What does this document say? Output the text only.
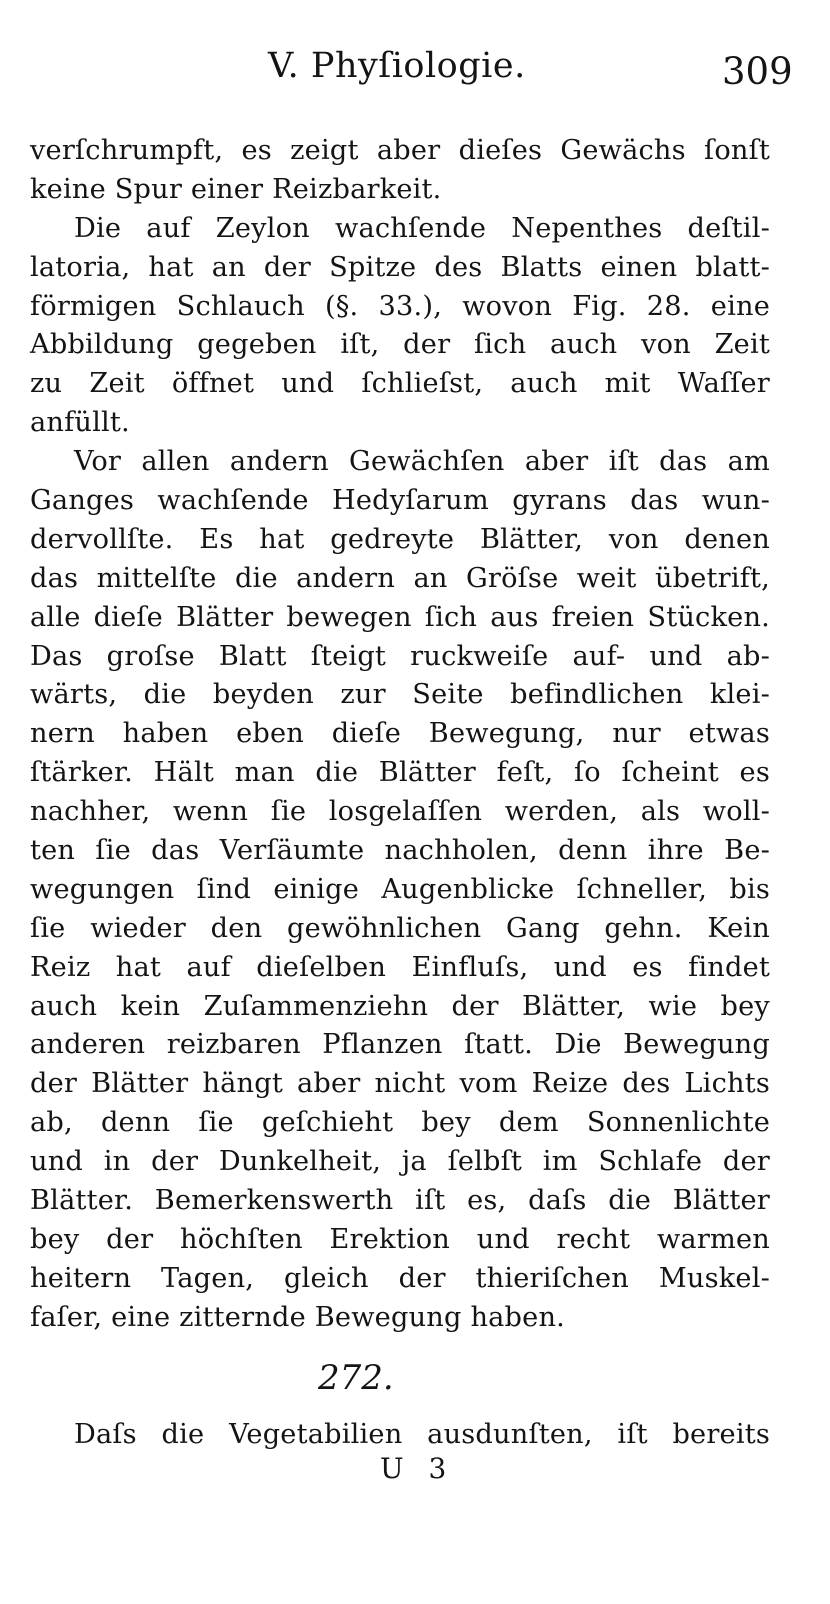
V. Phyſiologie.	309
verſchrumpft, es zeigt aber dieſes Gewächs ſonſt
keine Spur einer Reizbarkeit.
Die auf Zeylon wachſende Nepenthes deſtil-
latoria, hat an der Spitze des Blatts einen blatt-
förmigen Schlauch (§. 33.), wovon Fig. 28. eine
Abbildung gegeben iſt, der ſich auch von Zeit
zu Zeit öffnet und ſchlieſst, auch mit Waſſer
anfüllt.
Vor allen andern Gewächſen aber iſt das am
Ganges wachſende Hedyſarum gyrans das wun-
dervollſte. Es hat gedreyte Blätter, von denen
das mittelſte die andern an Gröſse weit übetrift,
alle dieſe Blätter bewegen ſich aus freien Stücken.
Das groſse Blatt ſteigt ruckweiſe auf- und ab-
wärts, die beyden zur Seite befindlichen klei-
nern haben eben dieſe Bewegung, nur etwas
ſtärker. Hält man die Blätter feſt, ſo ſcheint es
nachher, wenn ſie losgelaſſen werden, als woll-
ten ſie das Verſäumte nachholen, denn ihre Be-
wegungen ſind einige Augenblicke ſchneller, bis
ſie wieder den gewöhnlichen Gang gehn. Kein
Reiz hat auf dieſelben Einfluſs, und es findet
auch kein Zuſammenziehn der Blätter, wie bey
anderen reizbaren Pflanzen ſtatt. Die Bewegung
der Blätter hängt aber nicht vom Reize des Lichts
ab, denn ſie geſchieht bey dem Sonnenlichte
und in der Dunkelheit, ja ſelbſt im Schlafe der
Blätter. Bemerkenswerth iſt es, daſs die Blätter
bey der höchſten Erektion und recht warmen
heitern Tagen, gleich der thieriſchen Muskel-
faſer, eine zitternde Bewegung haben.
272.
Daſs die Vegetabilien ausdunſten, iſt bereits
U 3
